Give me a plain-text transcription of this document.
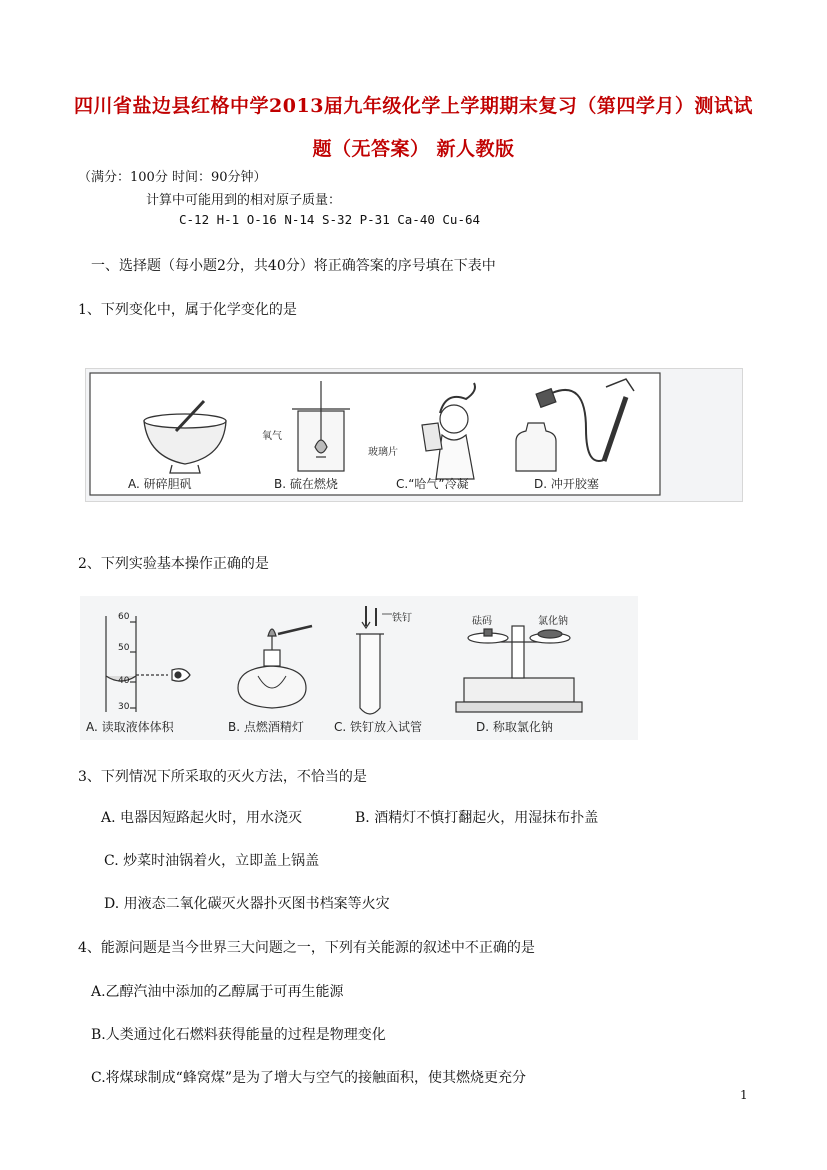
四川省盐边县红格中学2013届九年级化学上学期期末复习（第四学月）测试试
题（无答案） 新人教版
（满分：100分 时间：90分钟）
计算中可能用到的相对原子质量：
C-12 H-1 O-16 N-14 S-32 P-31 Ca-40 Cu-64
一、选择题（每小题2分，共40分）将正确答案的序号填在下表中
1、下列变化中，属于化学变化的是
氧气
玻璃片
A. 研碎胆矾	B. 硫在燃烧	C.“哈气”冷凝	D. 冲开胶塞
2、下列实验基本操作正确的是
60
50
40
30
铁钉	砝码	氯化钠
A. 读取液体体积	B. 点燃酒精灯	C. 铁钉放入试管	D. 称取氯化钠
3、下列情况下所采取的灭火方法，不恰当的是
A. 电器因短路起火时，用水浇灭	B. 酒精灯不慎打翻起火，用湿抹布扑盖
C. 炒菜时油锅着火，立即盖上锅盖
D. 用液态二氧化碳灭火器扑灭图书档案等火灾
4、能源问题是当今世界三大问题之一，下列有关能源的叙述中不正确的是
A.乙醇汽油中添加的乙醇属于可再生能源
B.人类通过化石燃料获得能量的过程是物理变化
C.将煤球制成“蜂窝煤”是为了增大与空气的接触面积，使其燃烧更充分
1
